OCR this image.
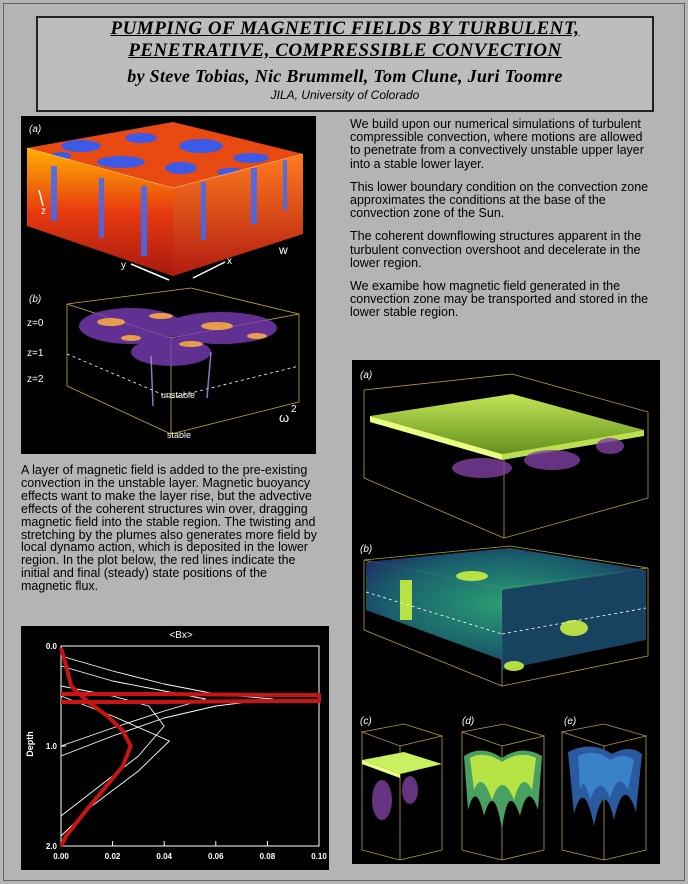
PUMPING OF MAGNETIC FIELDS BY TURBULENT,
PENETRATIVE, COMPRESSIBLE CONVECTION
by Steve Tobias, Nic Brummell, Tom Clune, Juri Toomre
JILA, University of Colorado
(a)
z
y	x
w
(b)
z=0
z=1
z=2
unstable
stable
ω
2

We build upon our numerical simulations of turbulent compressible convection, where motions are allowed to penetrate from a convectively unstable upper layer into a stable lower layer.

This lower boundary condition on the convection zone approximates the conditions at the base of the convection zone of the Sun.

The coherent downflowing structures apparent in the turbulent convection overshoot and decelerate in the lower region.

We examibe how magnetic field generated in the convection zone may be transported and stored in the lower stable region.

A layer of magnetic field is added to the pre-existing convection in the unstable layer. Magnetic buoyancy effects want to make the layer rise, but the advective effects of the coherent structures win over, dragging magnetic field into the stable region. The twisting and stretching by the plumes also generates more field by local dynamo action, which is deposited in the lower region. In the plot below, the red lines indicate the initial and final (steady) state positions of the magnetic flux.
<Bx>
Depth
0.00	0.02	0.04	0.06	0.08	0.10
0.0
1.0
2.0
(a)
(b)
(c)	(d)	(e)
